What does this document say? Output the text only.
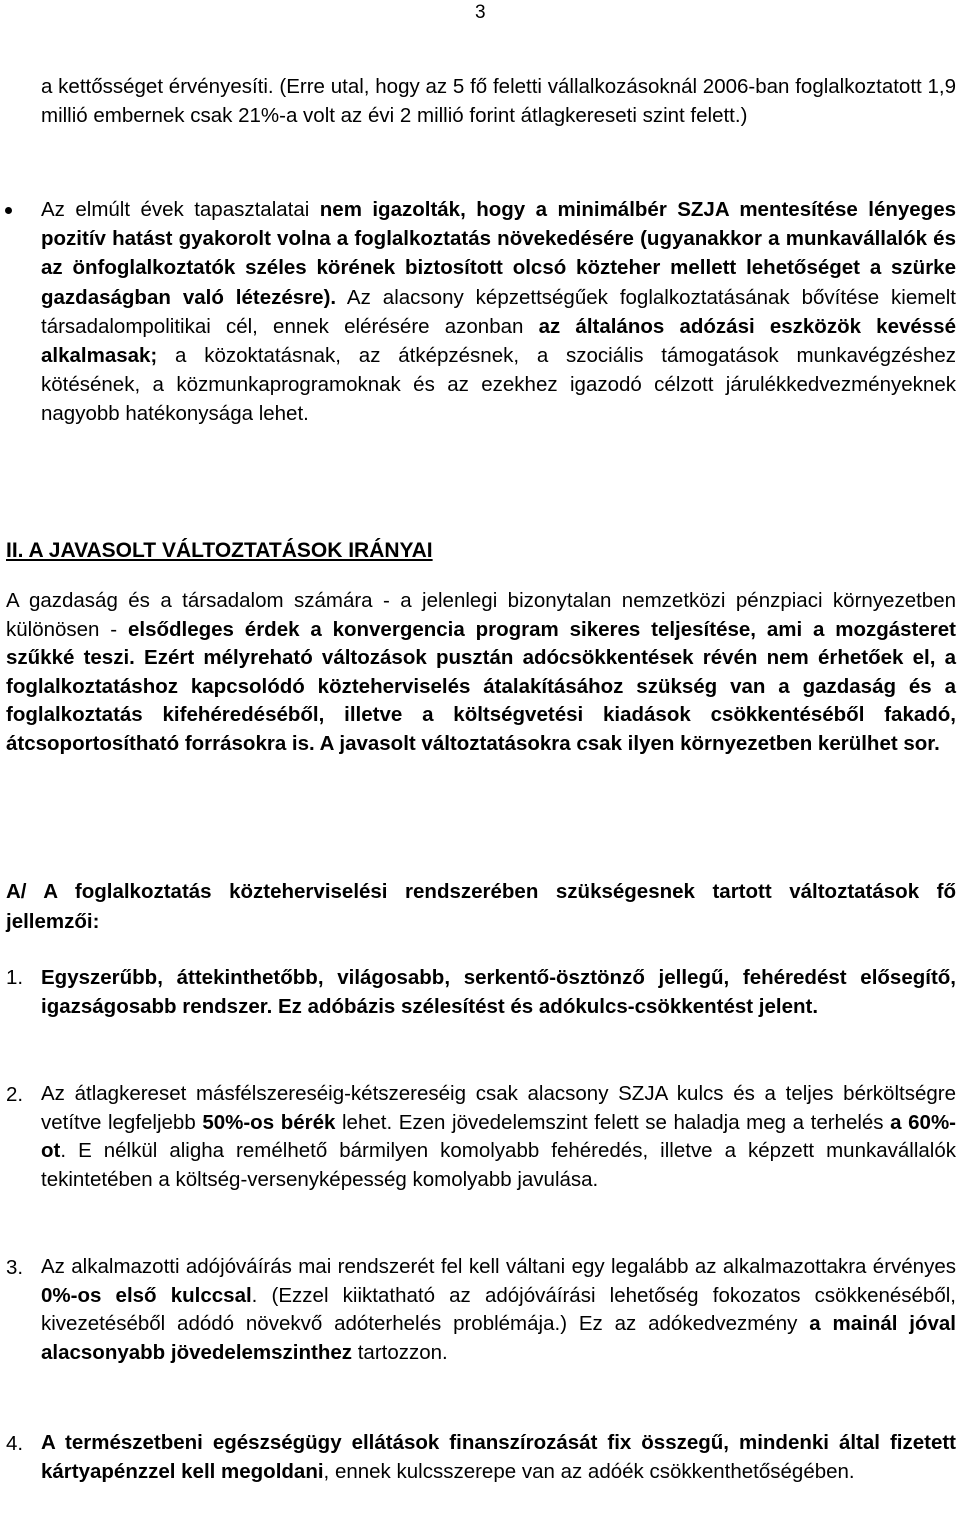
3
a kettősséget érvényesíti. (Erre utal, hogy az 5 fő feletti vállalkozásoknál 2006-ban foglalkoztatott 1,9 millió embernek csak 21%-a volt az évi 2 millió forint átlagkereseti szint felett.)
Az elmúlt évek tapasztalatai nem igazolták, hogy a minimálbér SZJA mentesítése lényeges pozitív hatást gyakorolt volna a foglalkoztatás növekedésére (ugyanakkor a munkavállalók és az önfoglalkoztatók széles körének biztosított olcsó közteher mellett lehetőséget a szürke gazdaságban való létezésre). Az alacsony képzettségűek foglalkoztatásának bővítése kiemelt társadalompolitikai cél, ennek elérésére azonban az általános adózási eszközök kevéssé alkalmasak; a közoktatásnak, az átképzésnek, a szociális támogatások munkavégzéshez kötésének, a közmunkaprogramoknak és az ezekhez igazodó célzott járulékkedvezményeknek nagyobb hatékonysága lehet.
II. A JAVASOLT VÁLTOZTATÁSOK IRÁNYAI
A gazdaság és a társadalom számára - a jelenlegi bizonytalan nemzetközi pénzpiaci környezetben különösen - elsődleges érdek a konvergencia program sikeres teljesítése, ami a mozgásteret szűkké teszi. Ezért mélyreható változások pusztán adócsökkentések révén nem érhetőek el, a foglalkoztatáshoz kapcsolódó közteherviselés átalakításához szükség van a gazdaság és a foglalkoztatás kifehéredéséből, illetve a költségvetési kiadások csökkentéséből fakadó, átcsoportosítható forrásokra is. A javasolt változtatásokra csak ilyen környezetben kerülhet sor.
A/ A foglalkoztatás közteherviselési rendszerében szükségesnek tartott változtatások fő jellemzői:
1. Egyszerűbb, áttekinthetőbb, világosabb, serkentő-ösztönző jellegű, fehéredést elősegítő, igazságosabb rendszer. Ez adóbázis szélesítést és adókulcs-csökkentést jelent.
2. Az átlagkereset másfélszereséig-kétszereséig csak alacsony SZJA kulcs és a teljes bérköltségre vetítve legfeljebb 50%-os bérék lehet. Ezen jövedelemszint felett se haladja meg a terhelés a 60%-ot. E nélkül aligha remélhető bármilyen komolyabb fehéredés, illetve a képzett munkavállalók tekintetében a költség-versenyképesség komolyabb javulása.
3. Az alkalmazotti adójóváírás mai rendszerét fel kell váltani egy legalább az alkalmazottakra érvényes 0%-os első kulccsal. (Ezzel kiiktatható az adójóváírási lehetőség fokozatos csökkenéséből, kivezetéséből adódó növekvő adóterhelés problémája.) Ez az adókedvezmény a mainál jóval alacsonyabb jövedelemszinthez tartozzon.
4. A természetbeni egészségügy ellátások finanszírozását fix összegű, mindenki által fizetett kártyapénzzel kell megoldani, ennek kulcsszerepe van az adóék csökkenthetőségében.
